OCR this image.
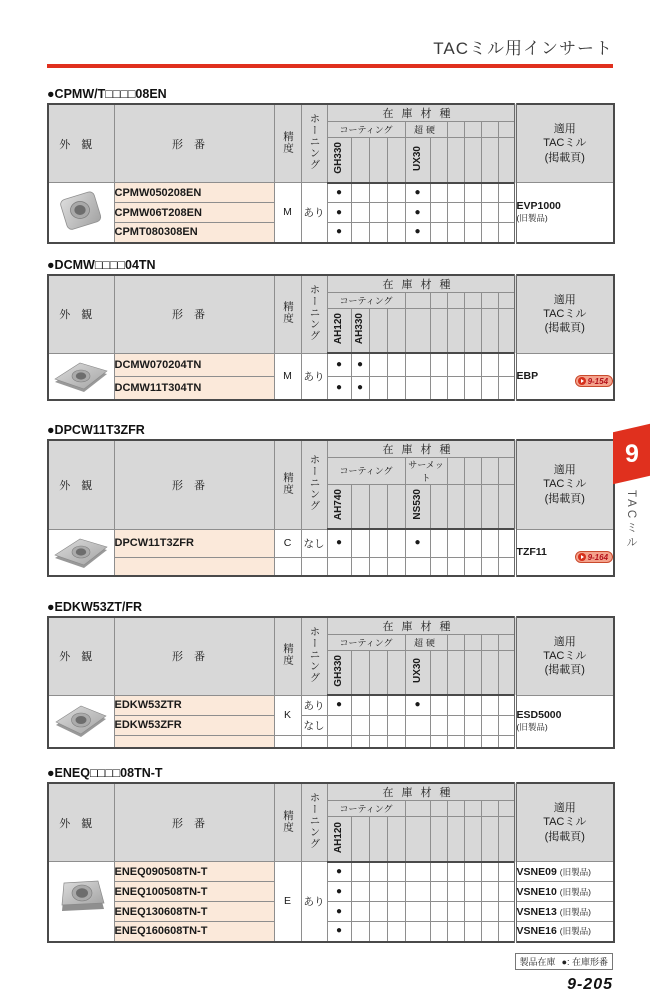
TACミル用インサート
●CPMW/T□□□□08EN
外観	形番	精度	ホーニング	在庫材種										適用
TACミル
(掲載頁)

				コーティング				超硬						
				GH330				UX30						
	CPMW050208EN	M	あり	●				●						EVP1000
(旧製品)

	CPMW06T208EN			●				●						
	CPMT080308EN			●				●						
●DCMW□□□□04TN
外観	形番	精度	ホーニング	在庫材種										適用
TACミル
(掲載頁)

				コーティング										
				AH120	AH330									
	DCMW070204TN	M	あり	●	●									EBP 9-154

	DCMW11T304TN			●	●									
●DPCW11T3ZFR
外観	形番	精度	ホーニング	在庫材種										適用
TACミル
(掲載頁)

				コーティング				サーメット						
				AH740				NS530						
	DPCW11T3ZFR	C	なし	●				●						TZF11 9-164

●EDKW53ZT/FR
外観	形番	精度	ホーニング	在庫材種										適用
TACミル
(掲載頁)

				コーティング				超硬						
				GH330				UX30						
	EDKW53ZTR	K	あり	●				●						ESD5000
(旧製品)

	EDKW53ZFR		なし											

●ENEQ□□□□08TN-T
外観	形番	精度	ホーニング	在庫材種										適用
TACミル
(掲載頁)

				コーティング										
				AH120										
	ENEQ090508TN-T	E	あり	●										VSNE09 (旧製品)
	ENEQ100508TN-T			●										VSNE10 (旧製品)
	ENEQ130608TN-T			●										VSNE13 (旧製品)
	ENEQ160608TN-T			●										VSNE16 (旧製品)
製品在庫 ●: 在庫形番
9-205
9
TACミル
